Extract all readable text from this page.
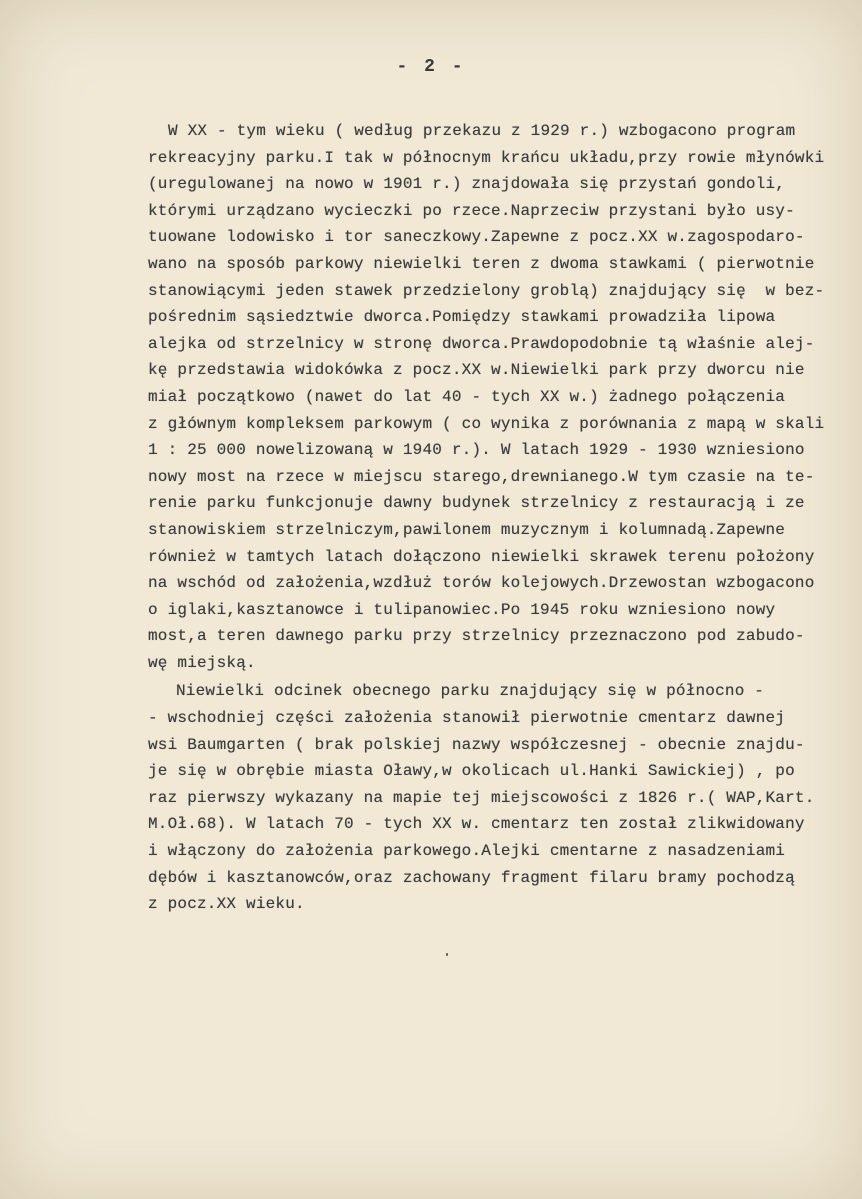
- 2 -
W XX - tym wieku ( według przekazu z 1929 r.) wzbogacono program
rekreacyjny parku.I tak w północnym krańcu układu,przy rowie młynówki
(uregulowanej na nowo w 1901 r.) znajdowała się przystań gondoli,
którymi urządzano wycieczki po rzece.Naprzeciw przystani było usy-
tuowane lodowisko i tor saneczkowy.Zapewne z pocz.XX w.zagospodaro-
wano na sposób parkowy niewielki teren z dwoma stawkami ( pierwotnie
stanowiącymi jeden stawek przedzielony groblą) znajdujący się  w bez-
pośrednim sąsiedztwie dworca.Pomiędzy stawkami prowadziła lipowa
alejka od strzelnicy w stronę dworca.Prawdopodobnie tą właśnie alej-
kę przedstawia widokówka z pocz.XX w.Niewielki park przy dworcu nie
miał początkowo (nawet do lat 40 - tych XX w.) żadnego połączenia
z głównym kompleksem parkowym ( co wynika z porównania z mapą w skali
1 : 25 000 nowelizowaną w 1940 r.). W latach 1929 - 1930 wzniesiono
nowy most na rzece w miejscu starego,drewnianego.W tym czasie na te-
renie parku funkcjonuje dawny budynek strzelnicy z restauracją i ze
stanowiskiem strzelniczym,pawilonem muzycznym i kolumnadą.Zapewne
również w tamtych latach dołączono niewielki skrawek terenu położony
na wschód od założenia,wzdłuż torów kolejowych.Drzewostan wzbogacono
o iglaki,kasztanowce i tulipanowiec.Po 1945 roku wzniesiono nowy
most,a teren dawnego parku przy strzelnicy przeznaczono pod zabudo-
wę miejską.
Niewielki odcinek obecnego parku znajdujący się w północno -
- wschodniej części założenia stanowił pierwotnie cmentarz dawnej
wsi Baumgarten ( brak polskiej nazwy współczesnej - obecnie znajdu-
je się w obrębie miasta Oławy,w okolicach ul.Hanki Sawickiej) , po
raz pierwszy wykazany na mapie tej miejscowości z 1826 r.( WAP,Kart.
M.Oł.68). W latach 70 - tych XX w. cmentarz ten został zlikwidowany
i włączony do założenia parkowego.Alejki cmentarne z nasadzeniami
dębów i kasztanowców,oraz zachowany fragment filaru bramy pochodzą
z pocz.XX wieku.
